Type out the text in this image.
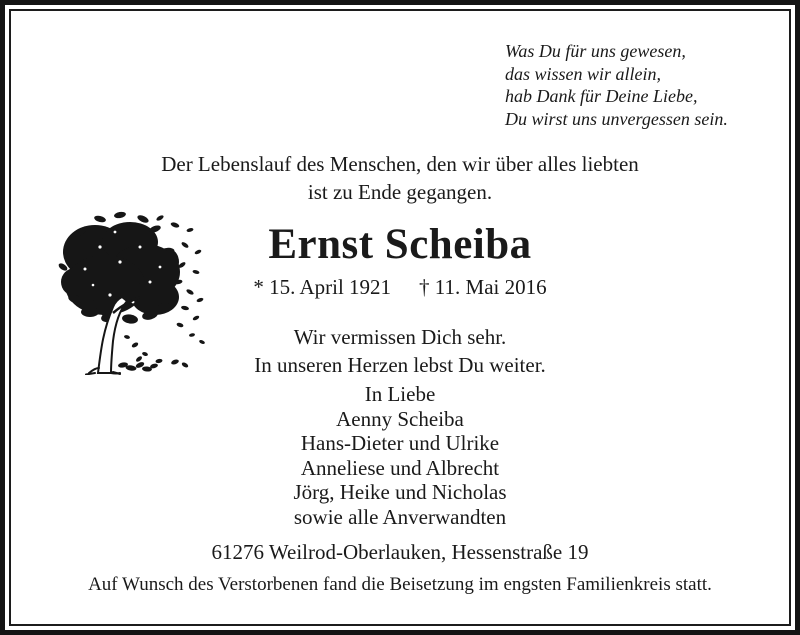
Was Du für uns gewesen,
das wissen wir allein,
hab Dank für Deine Liebe,
Du wirst uns unvergessen sein.
Der Lebenslauf des Menschen, den wir über alles liebten
ist zu Ende gegangen.
Ernst Scheiba
* 15. April 1921 † 11. Mai 2016
Wir vermissen Dich sehr.
In unseren Herzen lebst Du weiter.
In Liebe
Aenny Scheiba
Hans-Dieter und Ulrike
Anneliese und Albrecht
Jörg, Heike und Nicholas
sowie alle Anverwandten
61276 Weilrod-Oberlauken, Hessenstraße 19
Auf Wunsch des Verstorbenen fand die Beisetzung im engsten Familienkreis statt.
